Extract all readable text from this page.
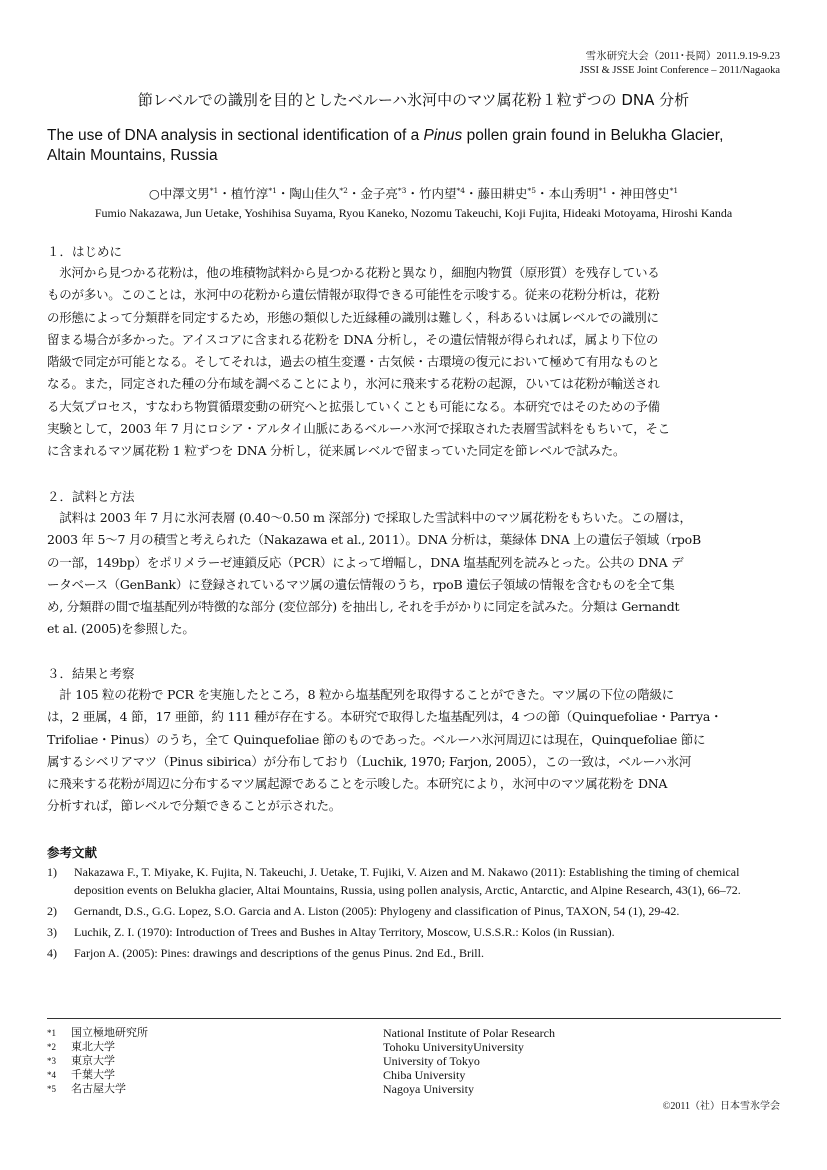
雪氷研究大会（2011･長岡）2011.9.19-9.23
JSSI & JSSE Joint Conference – 2011/Nagaoka
節レベルでの識別を目的としたベルーハ氷河中のマツ属花粉１粒ずつの DNA 分析
The use of DNA analysis in sectional identification of a Pinus pollen grain found in Belukha Glacier,
Altain Mountains, Russia
○中澤文男$^{*1}$・植竹淳$^{*1}$・陶山佳久$^{*2}$・金子亮$^{*3}$・竹内望$^{*4}$・藤田耕史$^{*5}$・本山秀明$^{*1}$・神田啓史$^{*1}$
Fumio Nakazawa, Jun Uetake, Yoshihisa Suyama, Ryou Kaneko, Nozomu Takeuchi, Koji Fujita, Hideaki Motoyama, Hiroshi Kanda
１．はじめに
　氷河から見つかる花粉は，他の堆積物試料から見つかる花粉と異なり，細胞内物質（原形質）を残存している
ものが多い。このことは，氷河中の花粉から遺伝情報が取得できる可能性を示唆する。従来の花粉分析は，花粉
の形態によって分類群を同定するため，形態の類似した近縁種の識別は難しく，科あるいは属レベルでの識別に
留まる場合が多かった。アイスコアに含まれる花粉を DNA 分析し，その遺伝情報が得られれば，属より下位の
階級で同定が可能となる。そしてそれは，過去の植生変遷・古気候・古環境の復元において極めて有用なものと
なる。また，同定された種の分布域を調べることにより，氷河に飛来する花粉の起源，ひいては花粉が輸送され
る大気プロセス，すなわち物質循環変動の研究へと拡張していくことも可能になる。本研究ではそのための予備
実験として，2003 年 7 月にロシア・アルタイ山脈にあるベルーハ氷河で採取された表層雪試料をもちいて，そこ
に含まれるマツ属花粉 1 粒ずつを DNA 分析し，従来属レベルで留まっていた同定を節レベルで試みた。
２．試料と方法
　試料は 2003 年 7 月に氷河表層 (0.40〜0.50 m 深部分) で採取した雪試料中のマツ属花粉をもちいた。この層は，
2003 年 5〜7 月の積雪と考えられた（Nakazawa et al., 2011）。DNA 分析は，葉緑体 DNA 上の遺伝子領域（rpoB
の一部，149bp）をポリメラーゼ連鎖反応（PCR）によって増幅し，DNA 塩基配列を読みとった。公共の DNA デ
ータベース（GenBank）に登録されているマツ属の遺伝情報のうち，rpoB 遺伝子領域の情報を含むものを全て集
め, 分類群の間で塩基配列が特徴的な部分 (変位部分) を抽出し, それを手がかりに同定を試みた。分類は Gernandt
et al. (2005)を参照した。
３．結果と考察
　計 105 粒の花粉で PCR を実施したところ，8 粒から塩基配列を取得することができた。マツ属の下位の階級に
は，2 亜属，4 節，17 亜節，約 111 種が存在する。本研究で取得した塩基配列は，4 つの節（Quinquefoliae・Parrya・
Trifoliae・Pinus）のうち，全て Quinquefoliae 節のものであった。ベルーハ氷河周辺には現在，Quinquefoliae 節に
属するシベリアマツ（Pinus sibirica）が分布しており（Luchik, 1970; Farjon, 2005），この一致は，ベルーハ氷河
に飛来する花粉が周辺に分布するマツ属起源であることを示唆した。本研究により，氷河中のマツ属花粉を DNA
分析すれば，節レベルで分類できることが示された。
参考文献
1) Nakazawa F., T. Miyake, K. Fujita, N. Takeuchi, J. Uetake, T. Fujiki, V. Aizen and M. Nakawo (2011): Establishing the timing of chemical deposition events on Belukha glacier, Altai Mountains, Russia, using pollen analysis, Arctic, Antarctic, and Alpine Research, 43(1), 66–72.
2) Gernandt, D.S., G.G. Lopez, S.O. Garcia and A. Liston (2005): Phylogeny and classification of Pinus, TAXON, 54 (1), 29-42.
3) Luchik, Z. I. (1970): Introduction of Trees and Bushes in Altay Territory, Moscow, U.S.S.R.: Kolos (in Russian).
4) Farjon A. (2005): Pines: drawings and descriptions of the genus Pinus. 2nd Ed., Brill.
*1 国立極地研究所
*2 東北大学
*3 東京大学
*4 千葉大学
*5 名古屋大学
National Institute of Polar Research
Tohoku UniversityUniversity
University of Tokyo
Chiba University
Nagoya University
©2011（社）日本雪氷学会
